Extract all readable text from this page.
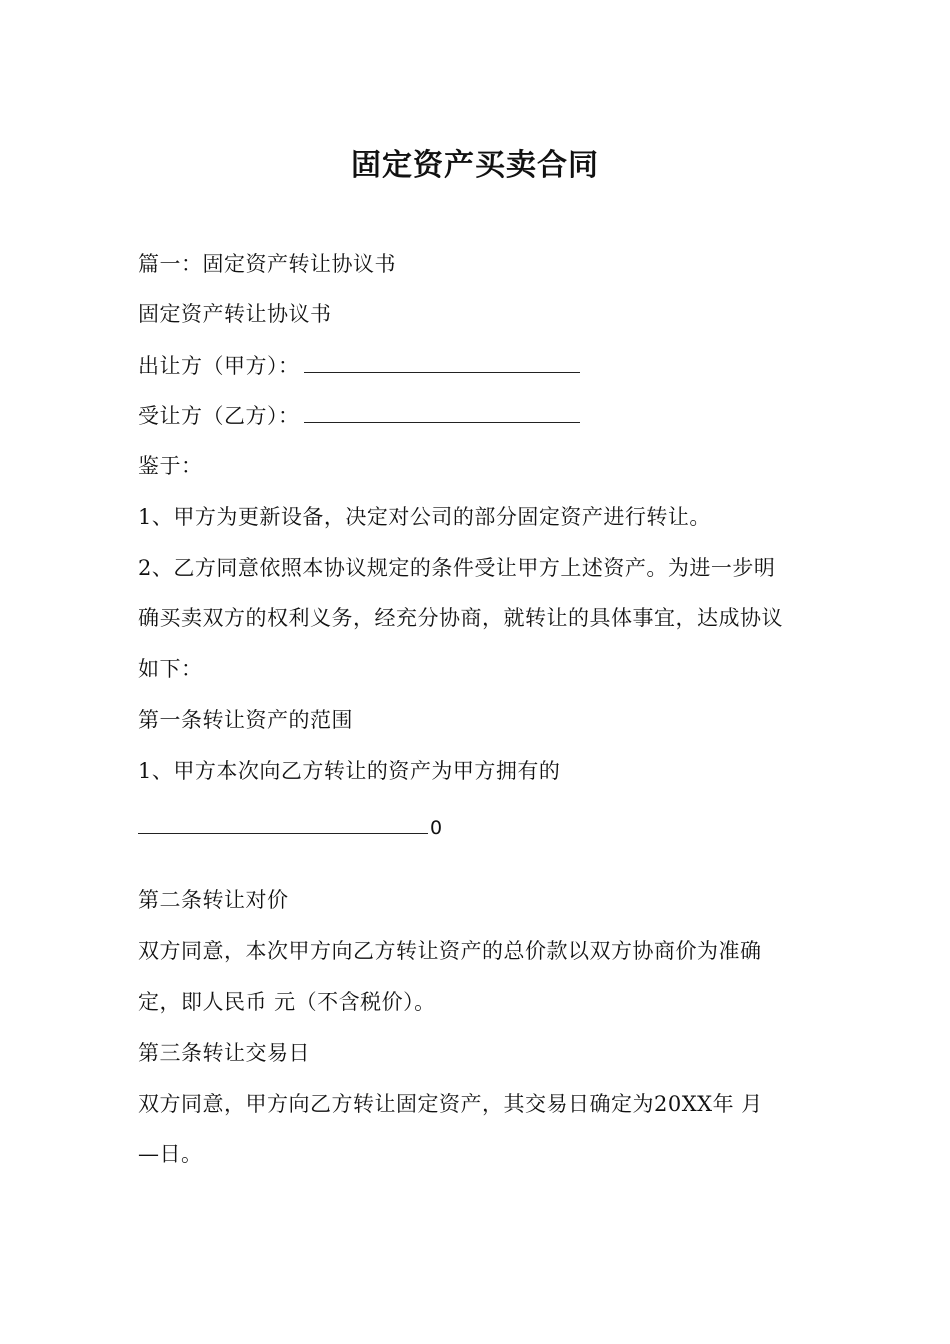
固定资产买卖合同
篇一：固定资产转让协议书
固定资产转让协议书
出让方（甲方）：
受让方（乙方）：
鉴于：
1、甲方为更新设备，决定对公司的部分固定资产进行转让。
2、乙方同意依照本协议规定的条件受让甲方上述资产。为进一步明
确买卖双方的权利义务，经充分协商，就转让的具体事宜，达成协议
如下：
第一条转让资产的范围
1、甲方本次向乙方转让的资产为甲方拥有的
0
第二条转让对价
双方同意，本次甲方向乙方转让资产的总价款以双方协商价为准确
定，即人民币 元（不含税价）。
第三条转让交易日
双方同意，甲方向乙方转让固定资产，其交易日确定为20XX年 月
—日。
